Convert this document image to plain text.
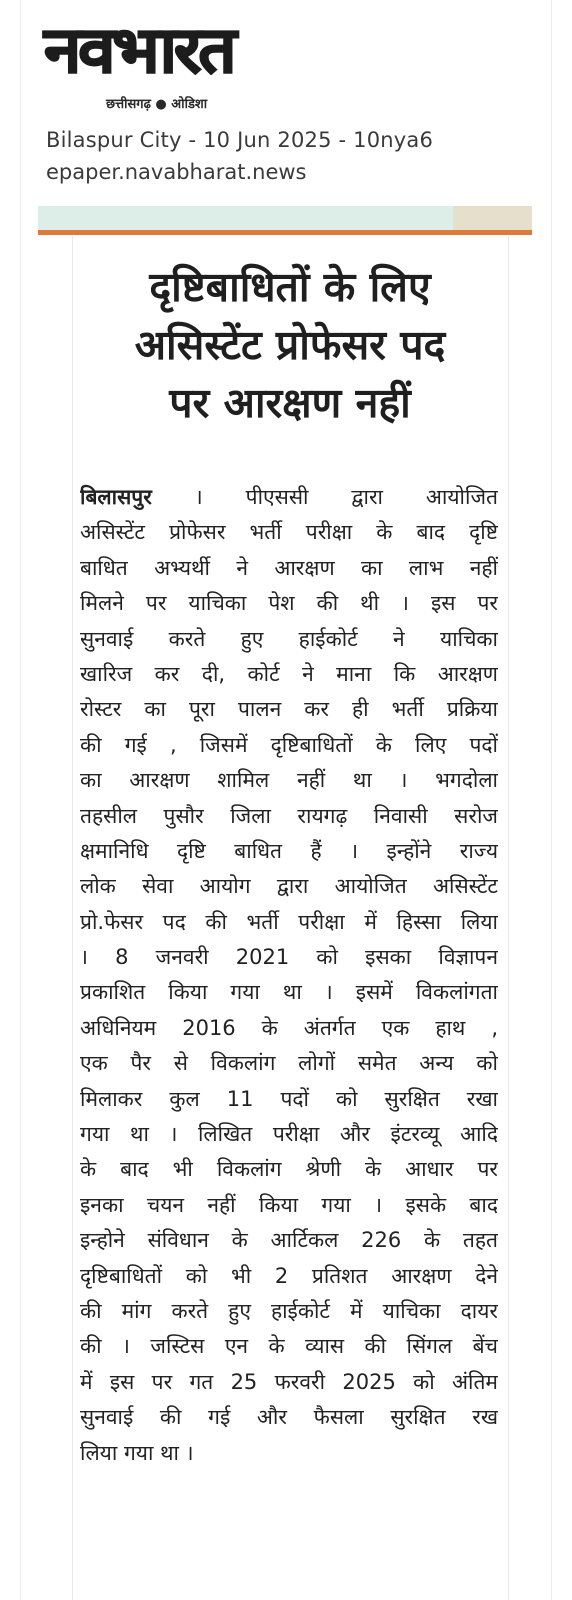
नवभारत
छत्तीसगढ़ ● ओडिशा
Bilaspur City - 10 Jun 2025 - 10nya6
epaper.navabharat.news
दृष्टिबाधितों के लिए
असिस्टेंट प्रोफेसर पद
पर आरक्षण नहीं
बिलासपुर । पीएससी द्वारा आयोजित
असिस्टेंट प्रोफेसर भर्ती परीक्षा के बाद दृष्टि
बाधित अभ्यर्थी ने आरक्षण का लाभ नहीं
मिलने पर याचिका पेश की थी । इस पर
सुनवाई करते हुए हाईकोर्ट ने याचिका
खारिज कर दी, कोर्ट ने माना कि आरक्षण
रोस्टर का पूरा पालन कर ही भर्ती प्रक्रिया
की गई , जिसमें दृष्टिबाधितों के लिए पदों
का आरक्षण शामिल नहीं था । भगदोला
तहसील पुसौर जिला रायगढ़ निवासी सरोज
क्षमानिधि दृष्टि बाधित हैं । इन्होंने राज्य
लोक सेवा आयोग द्वारा आयोजित असिस्टेंट
प्रो.फेसर पद की भर्ती परीक्षा में हिस्सा लिया
। 8 जनवरी 2021 को इसका विज्ञापन
प्रकाशित किया गया था । इसमें विकलांगता
अधिनियम 2016 के अंतर्गत एक हाथ ,
एक पैर से विकलांग लोगों समेत अन्य को
मिलाकर कुल 11 पदों को सुरक्षित रखा
गया था । लिखित परीक्षा और इंटरव्यू आदि
के बाद भी विकलांग श्रेणी के आधार पर
इनका चयन नहीं किया गया । इसके बाद
इन्होने संविधान के आर्टिकल 226 के तहत
दृष्टिबाधितों को भी 2 प्रतिशत आरक्षण देने
की मांग करते हुए हाईकोर्ट में याचिका दायर
की । जस्टिस एन के व्यास की सिंगल बेंच
में इस पर गत 25 फरवरी 2025 को अंतिम
सुनवाई की गई और फैसला सुरक्षित रख
लिया गया था ।
